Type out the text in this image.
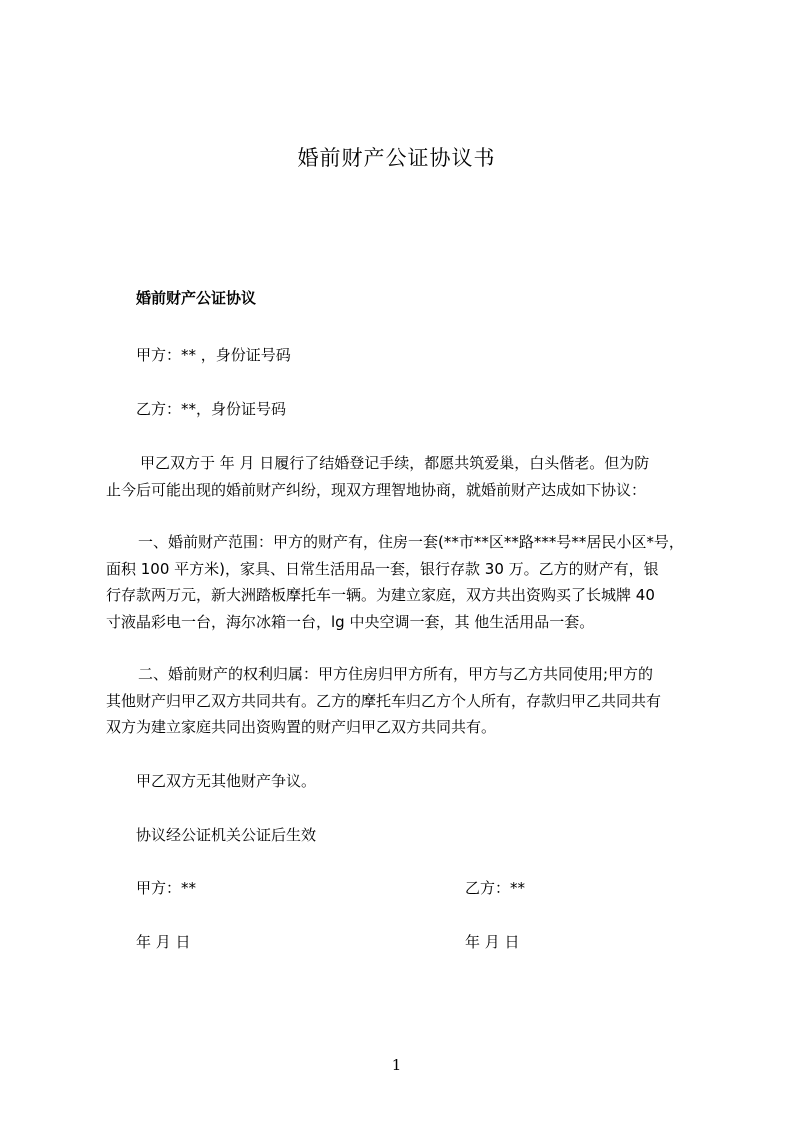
婚前财产公证协议书
婚前财产公证协议
甲方：** ，身份证号码
乙方：**，身份证号码
甲乙双方于 年 月 日履行了结婚登记手续，都愿共筑爱巢，白头偕老。但为防
止今后可能出现的婚前财产纠纷，现双方理智地协商，就婚前财产达成如下协议：
一、婚前财产范围：甲方的财产有，住房一套(**市**区**路***号**居民小区*号，
面积 100 平方米)，家具、日常生活用品一套，银行存款 30 万。乙方的财产有，银
行存款两万元，新大洲踏板摩托车一辆。为建立家庭，双方共出资购买了长城牌 40
寸液晶彩电一台，海尔冰箱一台，lg 中央空调一套，其 他生活用品一套。
二、婚前财产的权利归属：甲方住房归甲方所有，甲方与乙方共同使用;甲方的
其他财产归甲乙双方共同共有。乙方的摩托车归乙方个人所有，存款归甲乙共同共有
双方为建立家庭共同出资购置的财产归甲乙双方共同共有。
甲乙双方无其他财产争议。
协议经公证机关公证后生效
甲方：**	乙方：**
年 月 日	年 月 日
1
